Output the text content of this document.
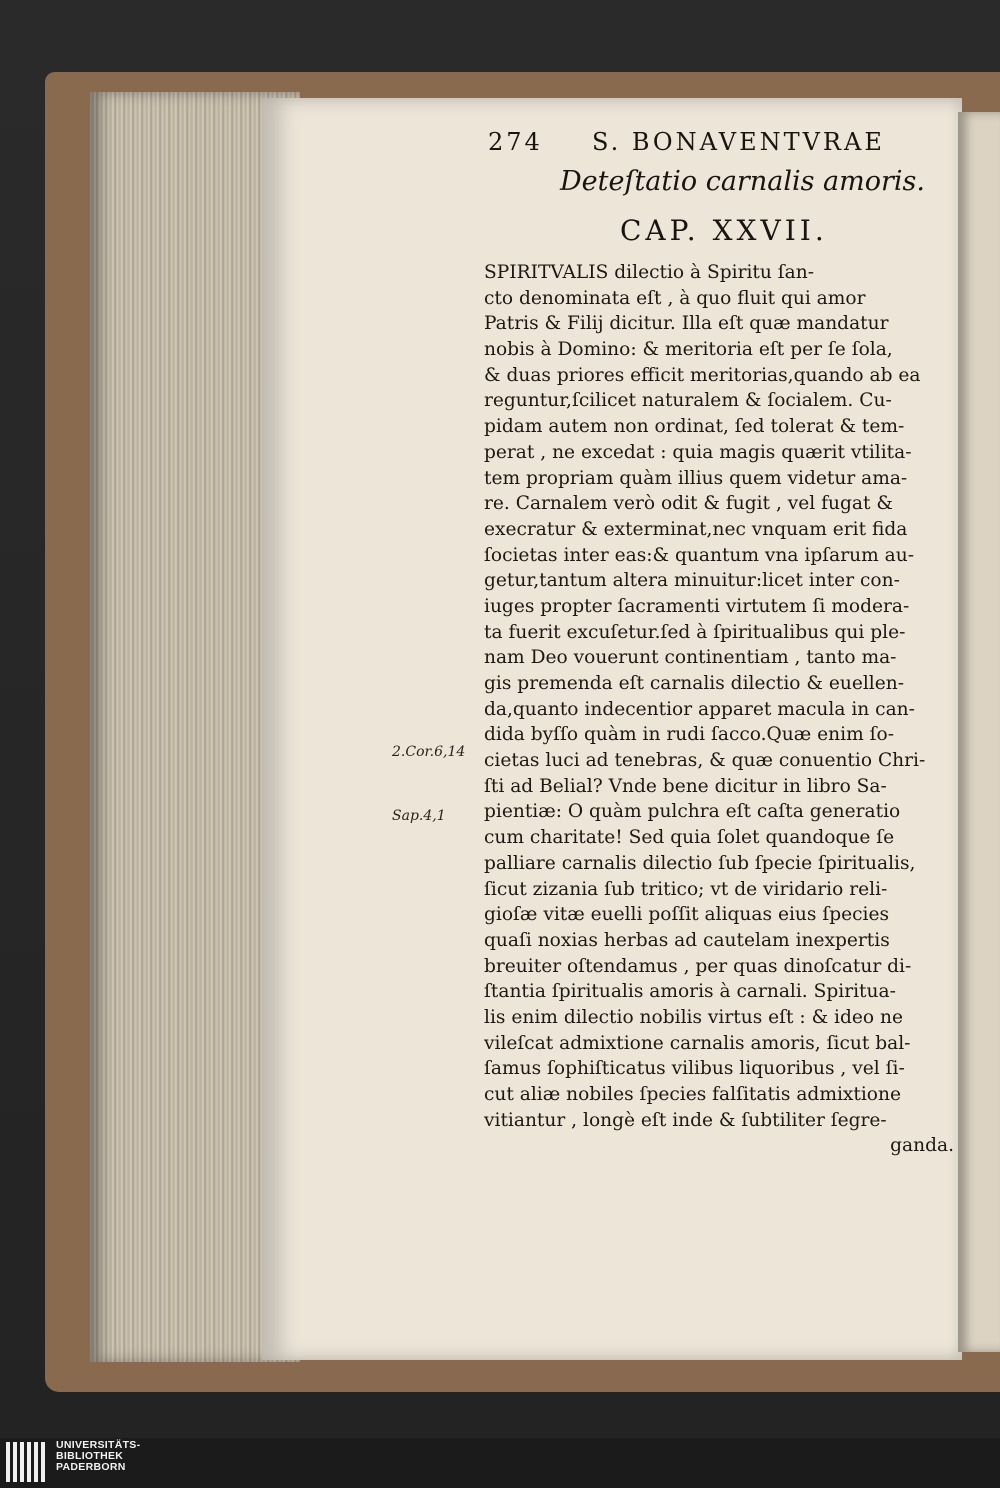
274 S. BONAVENTVRAE
Deteſtatio carnalis amoris.
CAP. XXVII.
2.Cor.6,14
Sap.4,1
SPIRITVALIS dilectio à Spiritu ſan-
cto denominata eſt , à quo fluit qui amor
Patris & Filij dicitur. Illa eſt quæ mandatur
nobis à Domino: & meritoria eſt per ſe ſola,
& duas priores efficit meritorias,quando ab ea
reguntur,ſcilicet naturalem & ſocialem. Cu-
pidam autem non ordinat, ſed tolerat & tem-
perat , ne excedat : quia magis quærit vtilita-
tem propriam quàm illius quem videtur ama-
re. Carnalem verò odit & fugit , vel fugat &
execratur & exterminat,nec vnquam erit fida
ſocietas inter eas:& quantum vna ipſarum au-
getur,tantum altera minuitur:licet inter con-
iuges propter ſacramenti virtutem ſi modera-
ta fuerit excuſetur.ſed à ſpiritualibus qui ple-
nam Deo vouerunt continentiam , tanto ma-
gis premenda eſt carnalis dilectio & euellen-
da,quanto indecentior apparet macula in can-
dida byſſo quàm in rudi ſacco.Quæ enim ſo-
cietas luci ad tenebras, & quæ conuentio Chri-
ſti ad Belial? Vnde bene dicitur in libro Sa-
pientiæ: O quàm pulchra eſt caſta generatio
cum charitate! Sed quia ſolet quandoque ſe
palliare carnalis dilectio ſub ſpecie ſpiritualis,
ſicut zizania ſub tritico; vt de viridario reli-
gioſæ vitæ euelli poſſit aliquas eius ſpecies
quaſi noxias herbas ad cautelam inexpertis
breuiter oſtendamus , per quas dinoſcatur di-
ſtantia ſpiritualis amoris à carnali. Spiritua-
lis enim dilectio nobilis virtus eſt : & ideo ne
vileſcat admixtione carnalis amoris, ſicut bal-
ſamus ſophiſticatus vilibus liquoribus , vel ſi-
cut aliæ nobiles ſpecies falſitatis admixtione
vitiantur , longè eſt inde & ſubtiliter ſegre-
ganda.
UNIVERSITÄTS-
BIBLIOTHEK
PADERBORN
